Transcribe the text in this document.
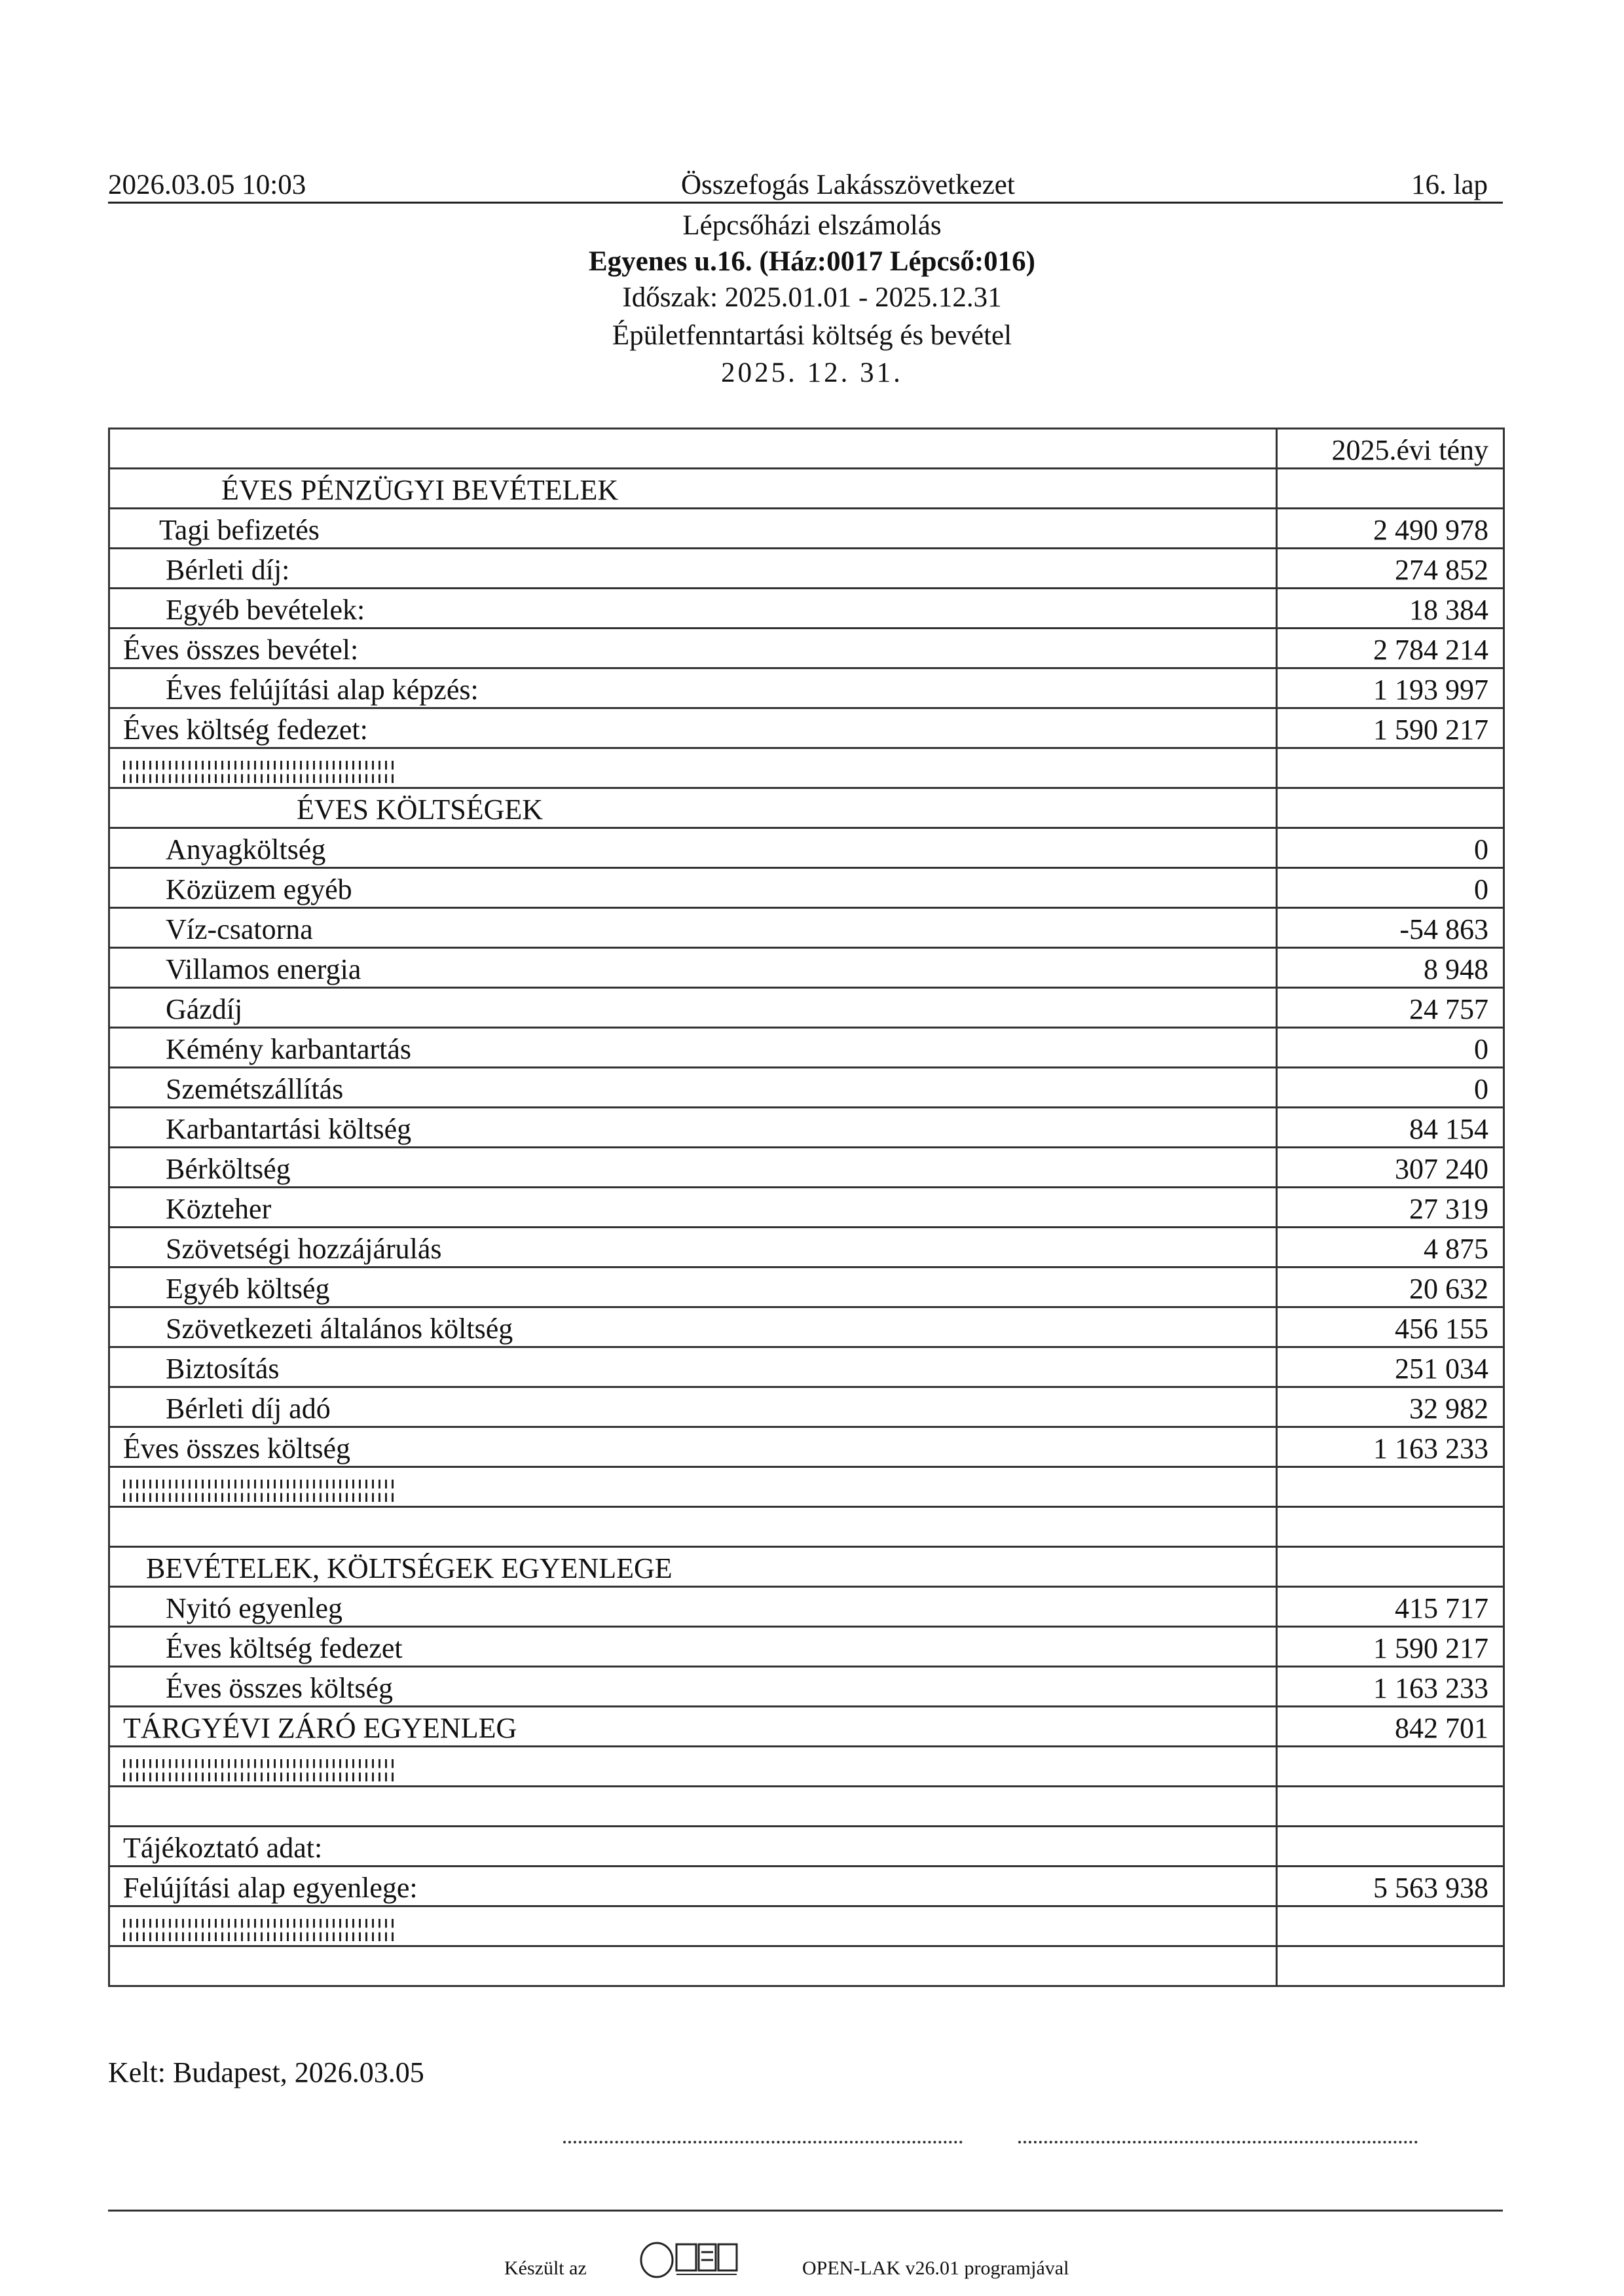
2026.03.05 10:03	Összefogás Lakásszövetkezet	16. lap
Lépcsőházi elszámolás
Egyenes u.16. (Ház:0017 Lépcső:016)
Időszak: 2025.01.01 - 2025.12.31
Épületfenntartási költség és bevétel
2025. 12. 31.
	2025.évi tény
ÉVES PÉNZÜGYI BEVÉTELEK	
Tagi befizetés	2 490 978
Bérleti díj:	274 852
Egyéb bevételek:	18 384
Éves összes bevétel:	2 784 214
Éves felújítási alap képzés:	1 193 997
Éves költség fedezet:	1 590 217

ÉVES KÖLTSÉGEK	
Anyagköltség	0
Közüzem egyéb	0
Víz-csatorna	-54 863
Villamos energia	8 948
Gázdíj	24 757
Kémény karbantartás	0
Szemétszállítás	0
Karbantartási költség	84 154
Bérköltség	307 240
Közteher	27 319
Szövetségi hozzájárulás	4 875
Egyéb költség	20 632
Szövetkezeti általános költség	456 155
Biztosítás	251 034
Bérleti díj adó	32 982
Éves összes költség	1 163 233

BEVÉTELEK, KÖLTSÉGEK EGYENLEGE	
Nyitó egyenleg	415 717
Éves költség fedezet	1 590 217
Éves összes költség	1 163 233
TÁRGYÉVI ZÁRÓ EGYENLEG	842 701

Tájékoztató adat:	
Felújítási alap egyenlege:	5 563 938

Kelt: Budapest, 2026.03.05
Készült az	OPEN-LAK v26.01 programjával
